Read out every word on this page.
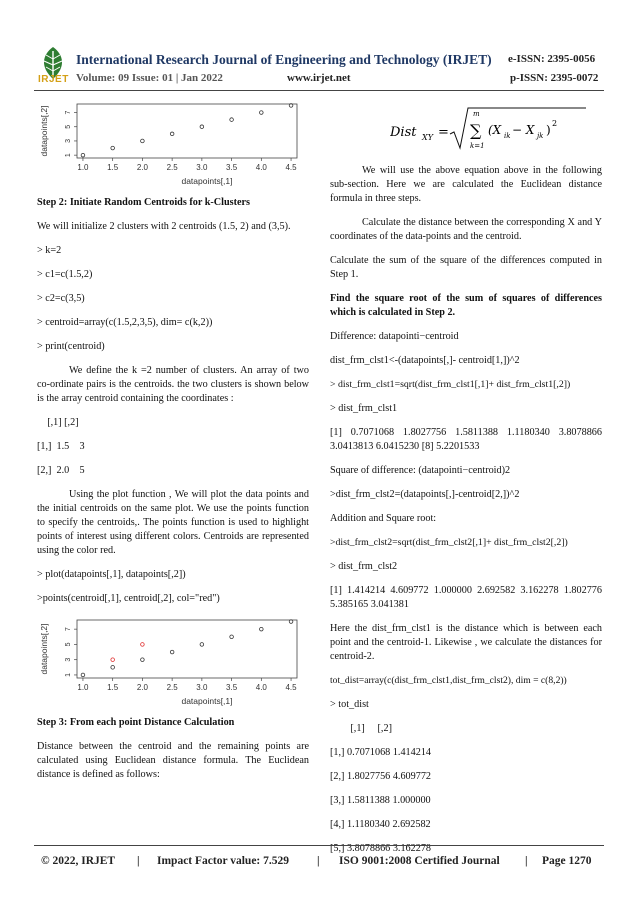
IRJET
International Research Journal of Engineering and Technology (IRJET) e-ISSN: 2395-0056
Volume: 09 Issue: 01 | Jan 2022	www.irjet.net	p-ISSN: 2395-0072
1.0 1.5 2.0 2.5 3.0 3.5 4.0 4.5
1
3
5
7
datapoints[,1]
datapoints[,2]

Step 2: Initiate Random Centroids for k-Clusters

We will initialize 2 clusters with 2 centroids (1.5, 2) and (3,5).

> k=2

> c1=c(1.5,2)

> c2=c(3,5)

> centroid=array(c(1.5,2,3,5), dim= c(k,2))

> print(centroid)

We define the k =2 number of clusters. An array of two co-ordinate pairs is the centroids. the two clusters is shown below is the array centroid containing the coordinates :

[,1] [,2]

[1,]  1.5    3

[2,]  2.0    5

Using the plot function , We will plot the data points and the initial centroids on the same plot. We use the points function to specify the centroids,. The points function is used to highlight points of interest using different colors. Centroids are represented using the color red.

> plot(datapoints[,1], datapoints[,2])

>points(centroid[,1], centroid[,2], col="red")

1.0 1.5 2.0 2.5 3.0 3.5 4.0 4.5
1
3
5
7
datapoints[,1]
datapoints[,2]

Step 3: From each point Distance Calculation

Distance between the centroid and the remaining points are calculated using Euclidean distance formula. The Euclidean distance is defined as follows:

Dist XY =
m
∑
k=1
(X ik − X jk ) 2

We will use the above equation above in the following sub-section. Here we are calculated the Euclidean distance formula in three steps.

Calculate the distance between the corresponding X and Y coordinates of the data-points and the centroid.

Calculate the sum of the square of the differences computed in Step 1.

Find the square root of the sum of squares of differences which is calculated in Step 2.

Difference: datapointi−centroid

dist_frm_clst1<-(datapoints[,]- centroid[1,])^2

> dist_frm_clst1=sqrt(dist_frm_clst1[,1]+ dist_frm_clst1[,2])

> dist_frm_clst1

[1] 0.7071068 1.8027756 1.5811388 1.1180340 3.8078866 3.0413813 6.0415230 [8] 5.2201533

Square of difference: (datapointi−centroid)2

>dist_frm_clst2=(datapoints[,]-centroid[2,])^2

Addition and Square root:

>dist_frm_clst2=sqrt(dist_frm_clst2[,1]+ dist_frm_clst2[,2])

> dist_frm_clst2

[1] 1.414214 4.609772 1.000000 2.692582 3.162278 1.802776 5.385165 3.041381

Here the dist_frm_clst1 is the distance which is between each point and the centroid-1. Likewise , we calculate the distances for centroid-2.

tot_dist=array(c(dist_frm_clst1,dist_frm_clst2), dim = c(8,2))

> tot_dist

[,1]     [,2]

[1,] 0.7071068 1.414214

[2,] 1.8027756 4.609772

[3,] 1.5811388 1.000000

[4,] 1.1180340 2.692582

[5,] 3.8078866 3.162278

© 2022, IRJET | Impact Factor value: 7.529 | ISO 9001:2008 Certified Journal | Page 1270
